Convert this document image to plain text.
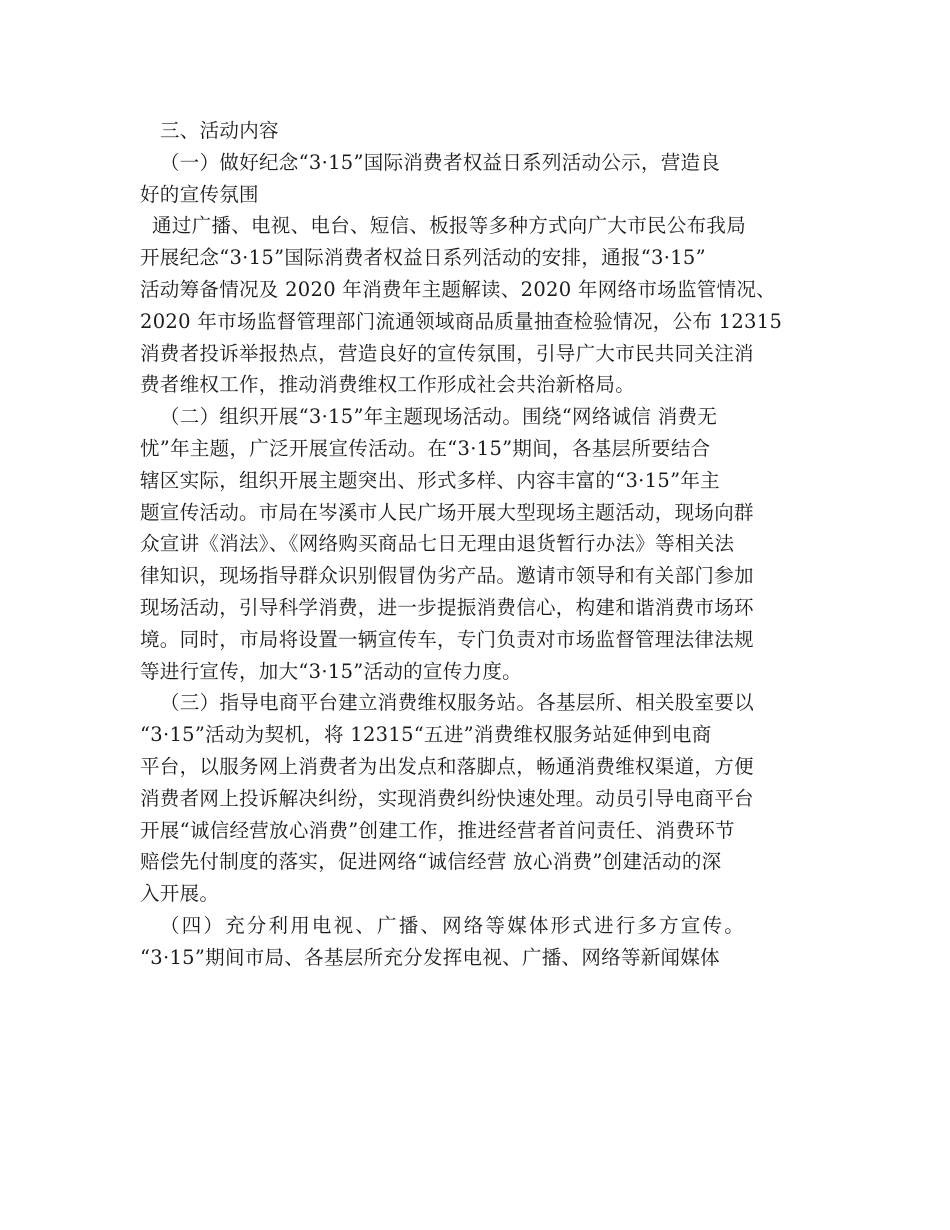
三、活动内容
（一）做好纪念“3·15”国际消费者权益日系列活动公示，营造良
好的宣传氛围
通过广播、电视、电台、短信、板报等多种方式向广大市民公布我局
开展纪念“3·15”国际消费者权益日系列活动的安排，通报“3·15”
活动筹备情况及 2020 年消费年主题解读、2020 年网络市场监管情况、
2020 年市场监督管理部门流通领域商品质量抽查检验情况，公布 12315
消费者投诉举报热点，营造良好的宣传氛围，引导广大市民共同关注消
费者维权工作，推动消费维权工作形成社会共治新格局。
（二）组织开展“3·15”年主题现场活动。围绕“网络诚信 消费无
忧”年主题，广泛开展宣传活动。在“3·15”期间，各基层所要结合
辖区实际，组织开展主题突出、形式多样、内容丰富的“3·15”年主
题宣传活动。市局在岑溪市人民广场开展大型现场主题活动，现场向群
众宣讲《消法》、《网络购买商品七日无理由退货暂行办法》等相关法
律知识，现场指导群众识别假冒伪劣产品。邀请市领导和有关部门参加
现场活动，引导科学消费，进一步提振消费信心，构建和谐消费市场环
境。同时，市局将设置一辆宣传车，专门负责对市场监督管理法律法规
等进行宣传，加大“3·15”活动的宣传力度。
（三）指导电商平台建立消费维权服务站。各基层所、相关股室要以
“3·15”活动为契机，将 12315“五进”消费维权服务站延伸到电商
平台，以服务网上消费者为出发点和落脚点，畅通消费维权渠道，方便
消费者网上投诉解决纠纷，实现消费纠纷快速处理。动员引导电商平台
开展“诚信经营放心消费”创建工作，推进经营者首问责任、消费环节
赔偿先付制度的落实，促进网络“诚信经营 放心消费”创建活动的深
入开展。
（四）充分利用电视、广播、网络等媒体形式进行多方宣传。
“3·15”期间市局、各基层所充分发挥电视、广播、网络等新闻媒体
